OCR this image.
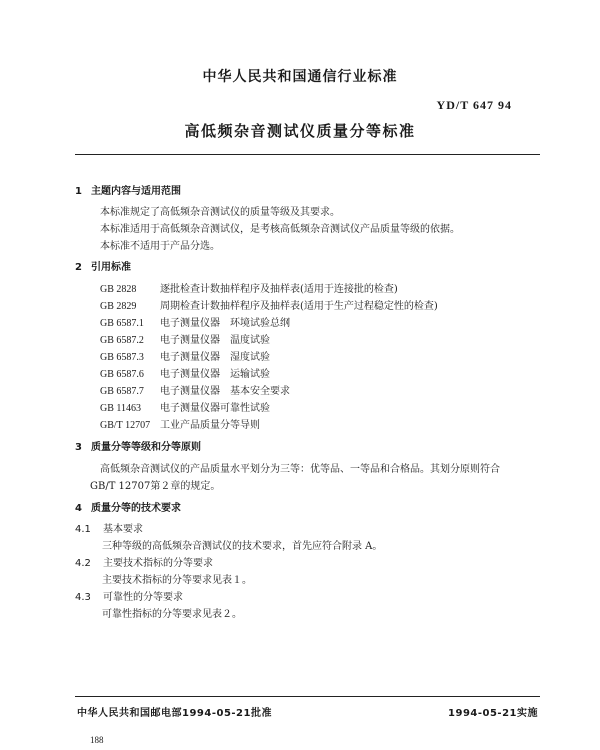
中华人民共和国通信行业标准
YD/T 647 94
高低频杂音测试仪质量分等标准
1 主题内容与适用范围
本标准规定了高低频杂音测试仪的质量等级及其要求。
本标准适用于高低频杂音测试仪，是考核高低频杂音测试仪产品质量等级的依据。
本标准不适用于产品分选。
2 引用标准
GB 2828 逐批检查计数抽样程序及抽样表(适用于连接批的检查)
GB 2829 周期检查计数抽样程序及抽样表(适用于生产过程稳定性的检查)
GB 6587.1 电子测量仪器　环境试验总纲
GB 6587.2 电子测量仪器　温度试验
GB 6587.3 电子测量仪器　湿度试验
GB 6587.6 电子测量仪器　运输试验
GB 6587.7 电子测量仪器　基本安全要求
GB 11463 电子测量仪器可靠性试验
GB/T 12707 工业产品质量分等导则
3 质量分等等级和分等原则
高低频杂音测试仪的产品质量水平划分为三等：优等品、一等品和合格品。其划分原则符合
GB/T 12707第２章的规定。
4 质量分等的技术要求
4.1 基本要求
三种等级的高低频杂音测试仪的技术要求，首先应符合附录 A。
4.2 主要技术指标的分等要求
主要技术指标的分等要求见表１。
4.3 可靠性的分等要求
可靠性指标的分等要求见表２。
中华人民共和国邮电部1994-05-21批准	1994-05-21实施
188
